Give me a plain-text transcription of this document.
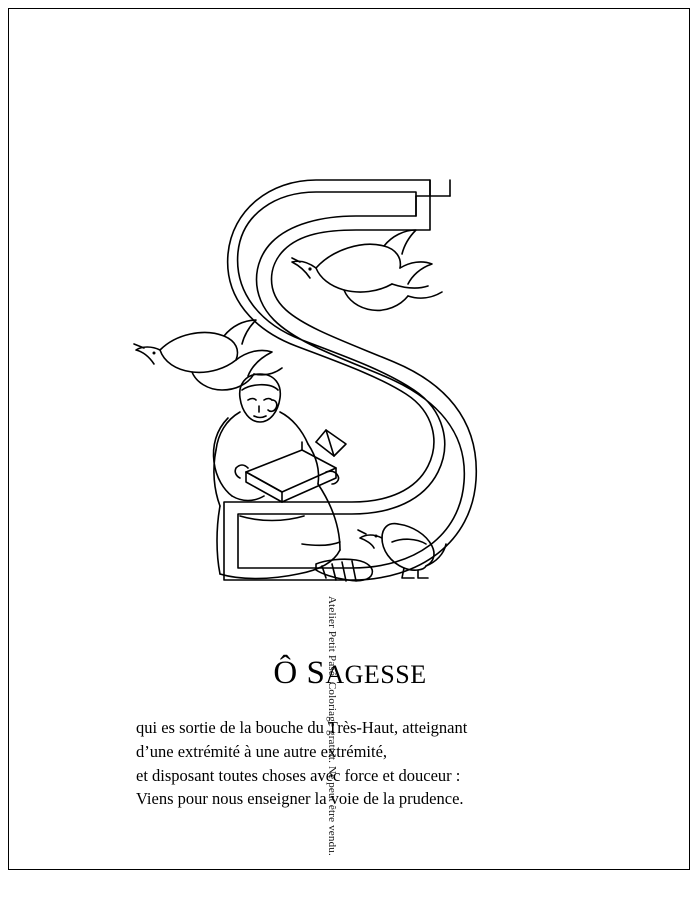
Atelier Petit Pasé. Coloriage gratuit. Ne peut être vendu.
Ô SAGESSE
qui es sortie de la bouche du Très-Haut, atteignant
d’une extrémité à une autre extrémité,
et disposant toutes choses avec force et douceur :
Viens pour nous enseigner la voie de la prudence.
